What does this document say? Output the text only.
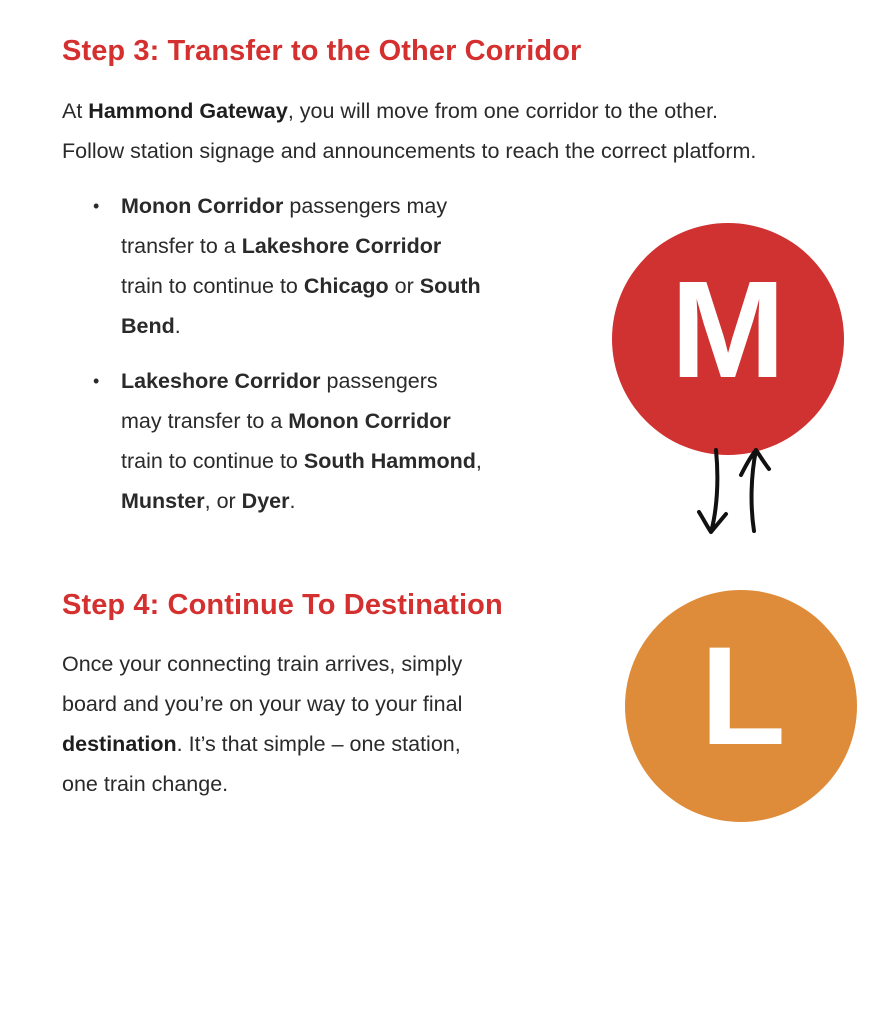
Step 3: Transfer to the Other Corridor
At Hammond Gateway, you will move from one corridor to the other.
Follow station signage and announcements to reach the correct platform.
• Monon Corridor passengers may
transfer to a Lakeshore Corridor
train to continue to Chicago or South
Bend.
• Lakeshore Corridor passengers
may transfer to a Monon Corridor
train to continue to South Hammond,
Munster, or Dyer.
Step 4: Continue To Destination
Once your connecting train arrives, simply
board and you’re on your way to your final
destination. It’s that simple – one station,
one train change.
M
L
